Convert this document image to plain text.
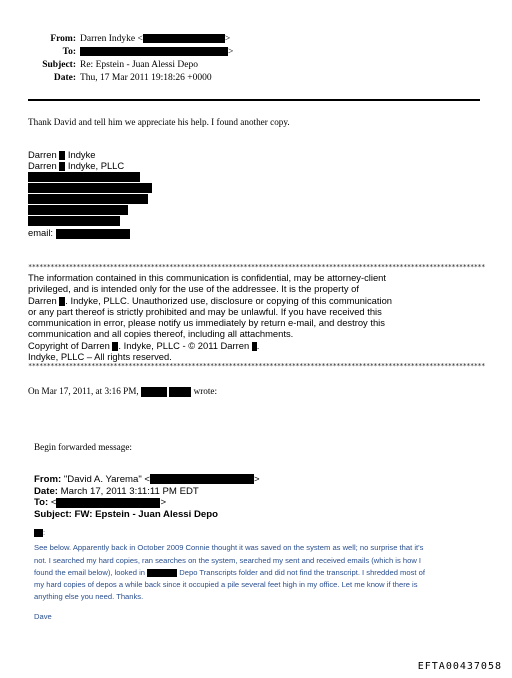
From: Darren Indyke <	>
To:	>
Subject: Re: Epstein - Juan Alessi Depo
Date: Thu, 17 Mar 2011 19:18:26 +0000
Thank David and tell him we appreciate his help. I found another copy.
Darren Indyke
Darren Indyke, PLLC
email:
***************************************************************************************************************************
The information contained in this communication is confidential, may be attorney-client
privileged, and is intended only for the use of the addressee. It is the property of
Darren . Indyke, PLLC. Unauthorized use, disclosure or copying of this communication
or any part thereof is strictly prohibited and may be unlawful. If you have received this
communication in error, please notify us immediately by return e-mail, and destroy this
communication and all copies thereof, including all attachments.
Copyright of Darren . Indyke, PLLC - © 2011 Darren .
Indyke, PLLC – All rights reserved.
***************************************************************************************************************************
On Mar 17, 2011, at 3:16 PM,	wrote:
Begin forwarded message:
From: "David A. Yarema" <	>
Date: March 17, 2011 3:11:11 PM EDT
To: <	>
Subject: FW: Epstein - Juan Alessi Depo
:
See below. Apparently back in October 2009 Connie thought it was saved on the system as well; no surprise that it's
not. I searched my hard copies, ran searches on the system, searched my sent and received emails (which is how I
found the email below), looked in	Depo Transcripts folder and did not find the transcript. I shredded most of
my hard copies of depos a while back since it occupied a pile several feet high in my office. Let me know if there is
anything else you need. Thanks.
Dave
EFTA00437058
